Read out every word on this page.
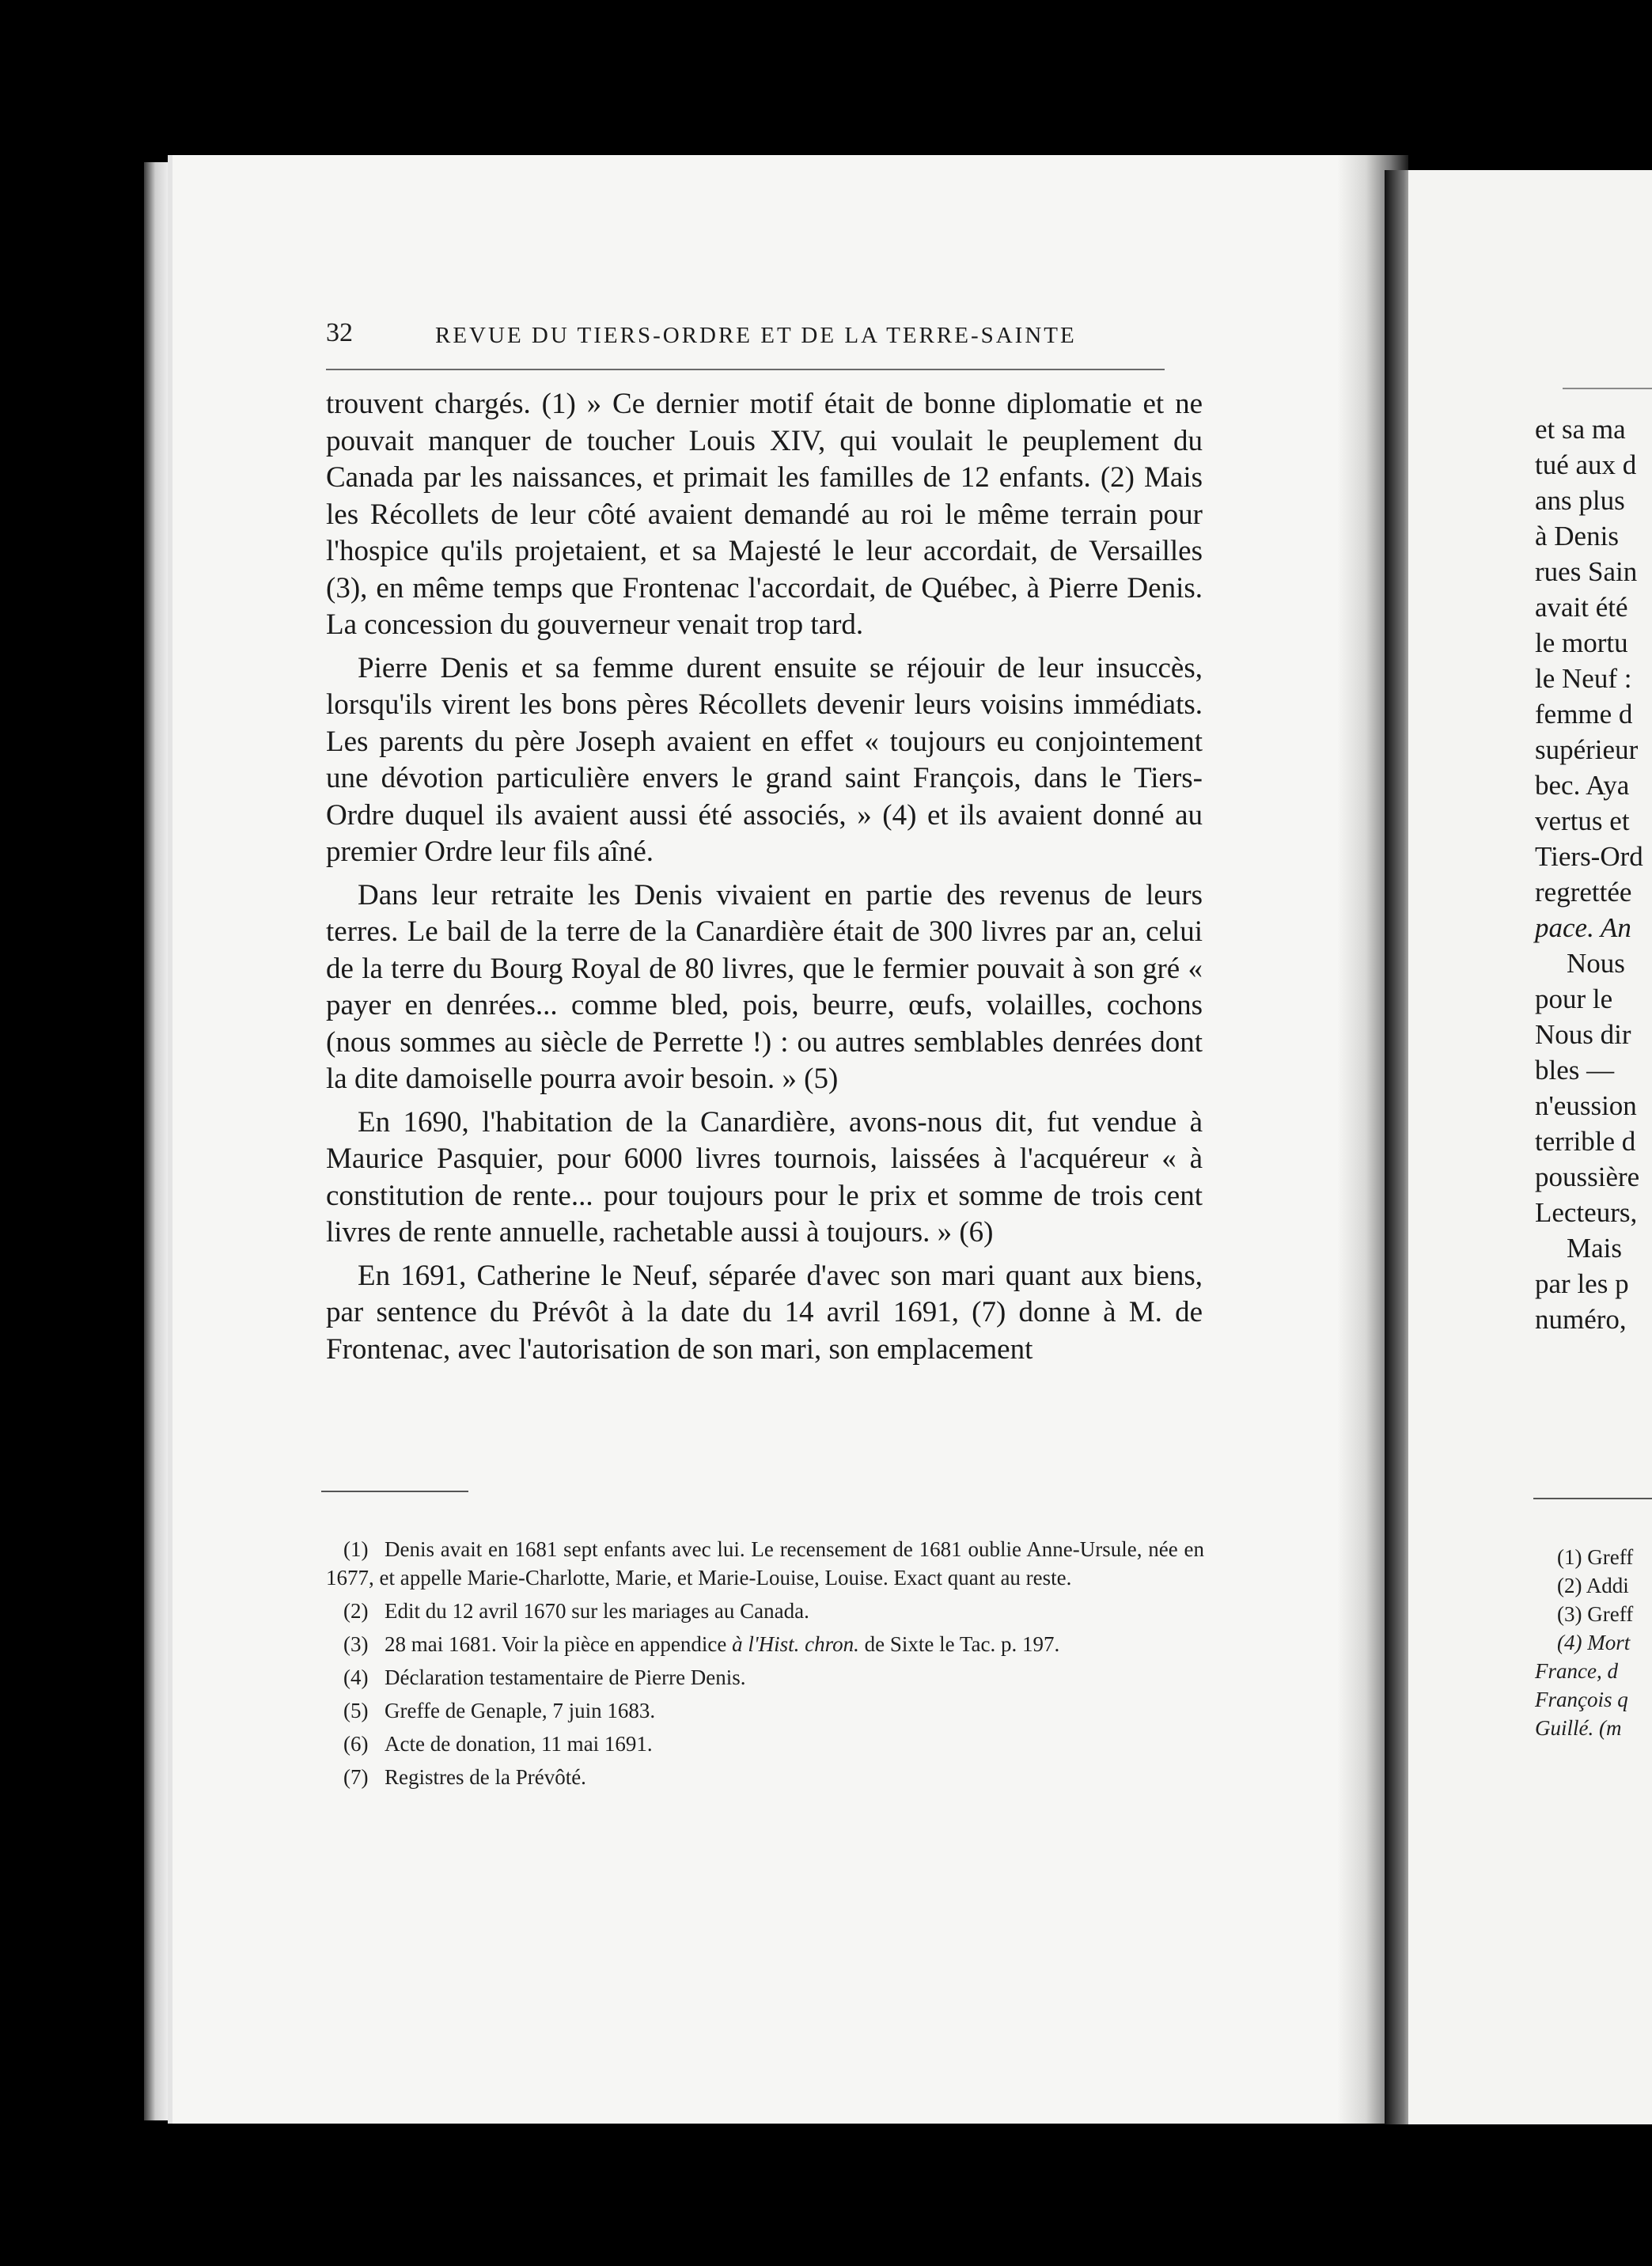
32	REVUE DU TIERS-ORDRE ET DE LA TERRE-SAINTE

trouvent chargés. (1) » Ce dernier motif était de bonne diplomatie et ne pouvait manquer de toucher Louis XIV, qui voulait le peuplement du Canada par les naissances, et primait les familles de 12 enfants. (2) Mais les Récollets de leur côté avaient demandé au roi le même terrain pour l'hospice qu'ils projetaient, et sa Majesté le leur accordait, de Versailles (3), en même temps que Frontenac l'accordait, de Québec, à Pierre Denis. La concession du gouverneur venait trop tard.

Pierre Denis et sa femme durent ensuite se réjouir de leur insuccès, lorsqu'ils virent les bons pères Récollets devenir leurs voisins immédiats. Les parents du père Joseph avaient en effet « toujours eu conjointement une dévotion particulière envers le grand saint François, dans le Tiers-Ordre duquel ils avaient aussi été associés, » (4) et ils avaient donné au premier Ordre leur fils aîné.

Dans leur retraite les Denis vivaient en partie des revenus de leurs terres. Le bail de la terre de la Canardière était de 300 livres par an, celui de la terre du Bourg Royal de 80 livres, que le fermier pouvait à son gré « payer en denrées... comme bled, pois, beurre, œufs, volailles, cochons (nous sommes au siècle de Perrette !) : ou autres semblables denrées dont la dite damoiselle pourra avoir besoin. » (5)

En 1690, l'habitation de la Canardière, avons-nous dit, fut vendue à Maurice Pasquier, pour 6000 livres tournois, laissées à l'acquéreur « à constitution de rente... pour toujours pour le prix et somme de trois cent livres de rente annuelle, rachetable aussi à toujours. » (6)

En 1691, Catherine le Neuf, séparée d'avec son mari quant aux biens, par sentence du Prévôt à la date du 14 avril 1691, (7) donne à M. de Frontenac, avec l'autorisation de son mari, son emplacement

(1) Denis avait en 1681 sept enfants avec lui. Le recensement de 1681 oublie Anne-Ursule, née en 1677, et appelle Marie-Charlotte, Marie, et Marie-Louise, Louise. Exact quant au reste.

(2) Edit du 12 avril 1670 sur les mariages au Canada.

(3) 28 mai 1681. Voir la pièce en appendice à l'Hist. chron. de Sixte le Tac. p. 197.

(4) Déclaration testamentaire de Pierre Denis.

(5) Greffe de Genaple, 7 juin 1683.

(6) Acte de donation, 11 mai 1691.

(7) Registres de la Prévôté.

et sa ma
tué aux d
ans plus
à Denis
rues Sain
avait été
le mortu
le Neuf :
femme d
supérieur
bec. Aya
vertus et
Tiers-Ord
regrettée
pace. An
Nous
pour le
Nous dir
bles —
n'eussion
terrible d
poussière
Lecteurs,
Mais
par les p
numéro,
(1) Greff
(2) Addi
(3) Greff
(4) Mort
France, d
François q
Guillé. (m
